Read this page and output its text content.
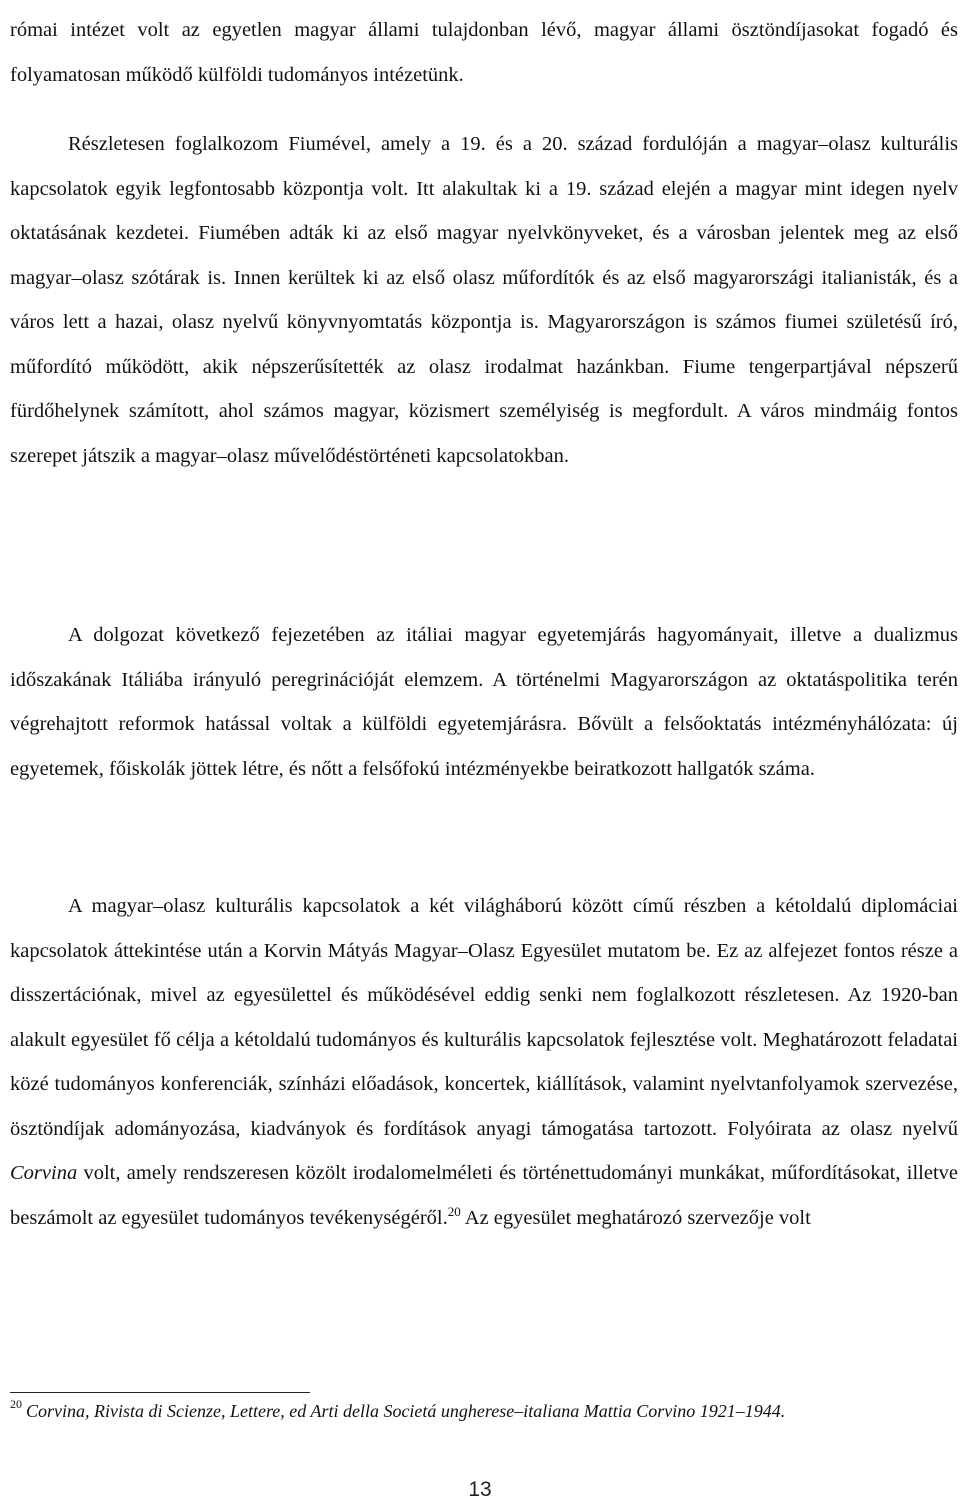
római intézet volt az egyetlen magyar állami tulajdonban lévő, magyar állami ösztöndíjasokat fogadó és folyamatosan működő külföldi tudományos intézetünk.

Részletesen foglalkozom Fiumével, amely a 19. és a 20. század fordulóján a magyar–olasz kulturális kapcsolatok egyik legfontosabb központja volt. Itt alakultak ki a 19. század elején a magyar mint idegen nyelv oktatásának kezdetei. Fiumében adták ki az első magyar nyelvkönyveket, és a városban jelentek meg az első magyar–olasz szótárak is. Innen kerültek ki az első olasz műfordítók és az első magyarországi italianisták, és a város lett a hazai, olasz nyelvű könyvnyomtatás központja is. Magyarországon is számos fiumei születésű író, műfordító működött, akik népszerűsítették az olasz irodalmat hazánkban. Fiume tengerpartjával népszerű fürdőhelynek számított, ahol számos magyar, közismert személyiség is megfordult. A város mindmáig fontos szerepet játszik a magyar–olasz művelődéstörténeti kapcsolatokban.

A dolgozat következő fejezetében az itáliai magyar egyetemjárás hagyományait, illetve a dualizmus időszakának Itáliába irányuló peregrinációját elemzem. A történelmi Magyarországon az oktatáspolitika terén végrehajtott reformok hatással voltak a külföldi egyetemjárásra. Bővült a felsőoktatás intézményhálózata: új egyetemek, főiskolák jöttek létre, és nőtt a felsőfokú intézményekbe beiratkozott hallgatók száma.

A magyar–olasz kulturális kapcsolatok a két világháború között című részben a kétoldalú diplomáciai kapcsolatok áttekintése után a Korvin Mátyás Magyar–Olasz Egyesület mutatom be. Ez az alfejezet fontos része a disszertációnak, mivel az egyesülettel és működésével eddig senki nem foglalkozott részletesen. Az 1920-ban alakult egyesület fő célja a kétoldalú tudományos és kulturális kapcsolatok fejlesztése volt. Meghatározott feladatai közé tudományos konferenciák, színházi előadások, koncertek, kiállítások, valamint nyelvtanfolyamok szervezése, ösztöndíjak adományozása, kiadványok és fordítások anyagi támogatása tartozott. Folyóirata az olasz nyelvű Corvina volt, amely rendszeresen közölt irodalomelméleti és történettudományi munkákat, műfordításokat, illetve beszámolt az egyesület tudományos tevékenységéről.$^{20}$ Az egyesület meghatározó szervezője volt

$^{20}$ Corvina, Rivista di Scienze, Lettere, ed Arti della Societá ungherese–italiana Mattia Corvino 1921–1944.

13
